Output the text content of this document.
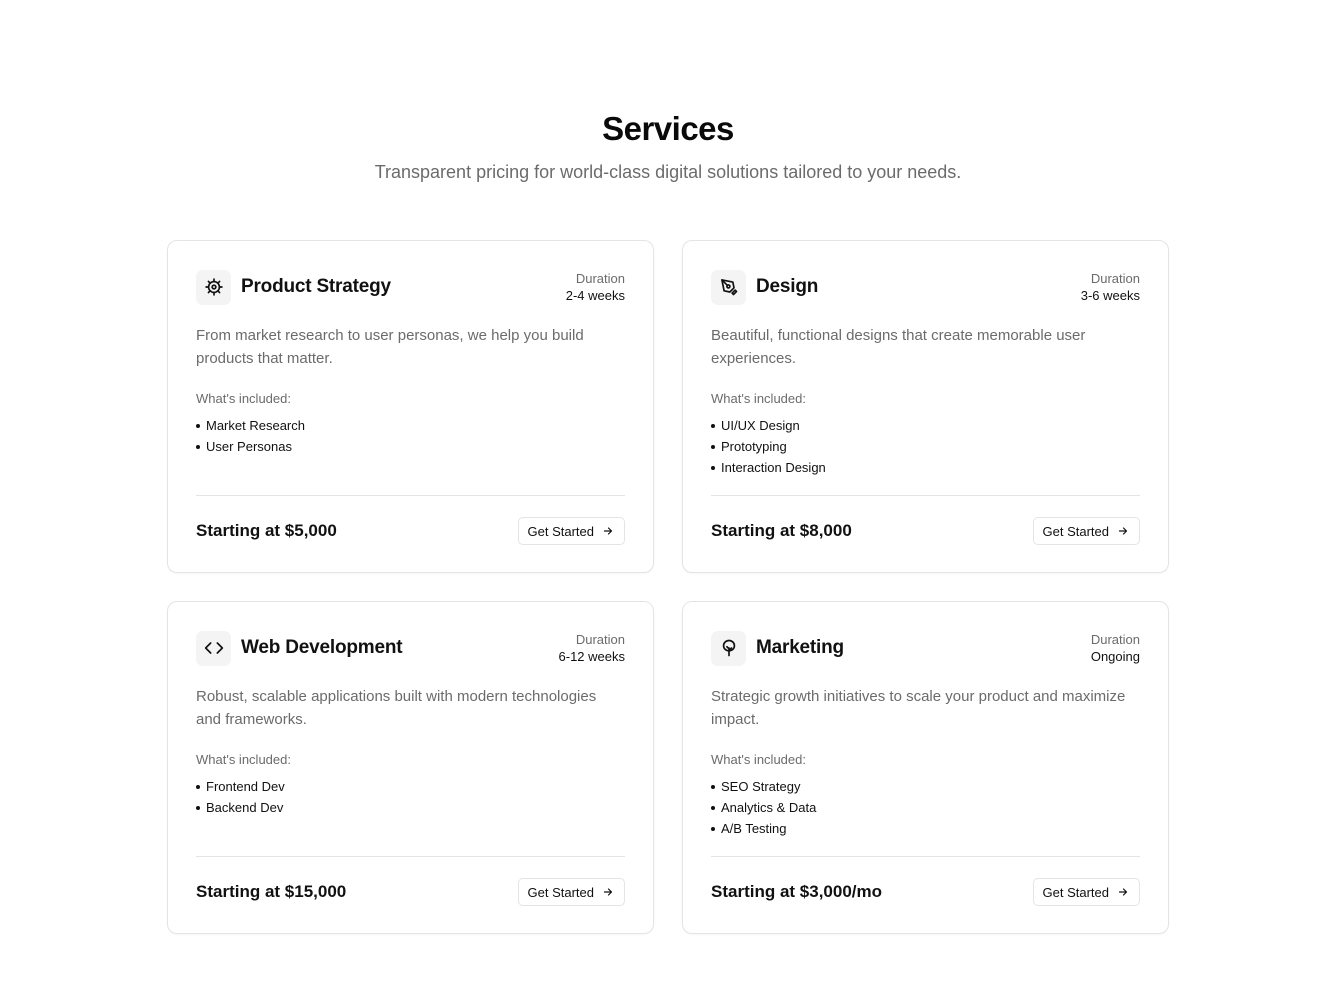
Services

Transparent pricing for world-class digital solutions tailored to your needs.

Product Strategy	Duration
2-4 weeks

From market research to user personas, we help you build products that matter.

What's included:
Market Research
User Personas
Starting at $5,000	Get Started
Design	Duration
3-6 weeks

Beautiful, functional designs that create memorable user experiences.

What's included:
UI/UX Design
Prototyping
Interaction Design
Starting at $8,000	Get Started
Web Development	Duration
6-12 weeks

Robust, scalable applications built with modern technologies and frameworks.

What's included:
Frontend Dev
Backend Dev
Starting at $15,000	Get Started
Marketing	Duration
Ongoing

Strategic growth initiatives to scale your product and maximize impact.

What's included:
SEO Strategy
Analytics & Data
A/B Testing
Starting at $3,000/mo	Get Started
